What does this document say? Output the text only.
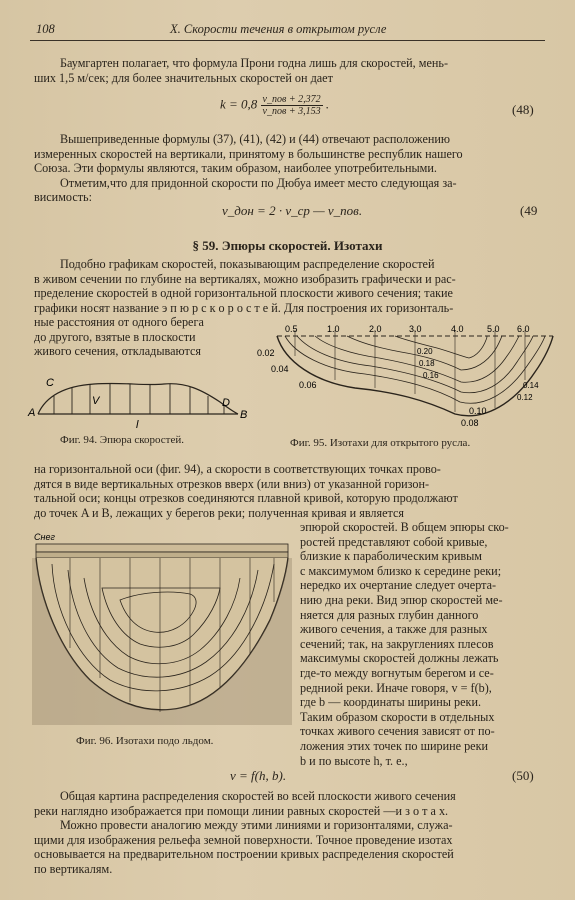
108	X. Скорости течения в открытом русле
Баумгартен полагает, что формула Прони годна лишь для скоростей, мень-
ших 1,5 м/сек; для более значительных скоростей он дает
$k = 0,8 \frac{\text{v\_пов + 2,372}}{\text{v\_пов + 3,153}}$ .	(48)
Вышеприведенные формулы (37), (41), (42) и (44) отвечают расположению
измеренных скоростей на вертикали, принятому в большинстве республик нашего
Союза. Эти формулы являются, таким образом, наиболее употребительными.
Отметим,что для придонной скорости по Дюбуа имеет место следующая за-
висимость:
v_дон = 2 · v_ср — v_пов.	(49
§ 59. Эпюры скоростей. Изотахи
Подобно графикам скоростей, показывающим распределение скоростей
в живом сечении по глубине на вертикалях, можно изобразить графически и рас-
пределение скоростей в одной горизонтальной плоскости живого сечения; такие
графики носят название э п ю р с к о р о с т е й. Для построения их горизонталь-
ные расстояния от одного берега
до другого, взятые в плоскости
живого сечения, откладываются
A	B
C
D
V
l
Фиг. 94. Эпюра скоростей.
0.5	1.0	2.0	3.0	4.0	5.0 6.0
0.02
0.04
0.06
0.10
0.08
0.20
0.18
0.16
0.14
0.12
Фиг. 95. Изотахи для открытого русла.
на горизонтальной оси (фиг. 94), а скорости в соответствующих точках прово-
дятся в виде вертикальных отрезков вверх (или вниз) от указанной горизон-
тальной оси; концы отрезков соединяются плавной кривой, которую продолжают
до точек A и B, лежащих у берегов реки; полученная кривая и является
Снег
Фиг. 96. Изотахи подо льдом.
эпюрой скоростей. В общем эпюры ско-
ростей представляют собой кривые,
близкие к параболическим кривым
с максимумом близко к середине реки;
нередко их очертание следует очерта-
нию дна реки. Вид эпюр скоростей ме-
няется для разных глубин данного
живого сечения, а также для разных
сечений; так, на закруглениях плесов
максимумы скоростей должны лежать
где-то между вогнутым берегом и се-
редниой реки. Иначе говоря, v = f(b),
где b — координаты ширины реки.
Таким образом скорости в отдельных
точках живого сечения зависят от по-
ложения этих точек по ширине реки
b и по высоте h, т. е.,
v = f(h, b).	(50)
Общая картина распределения скоростей во всей плоскости живого сечения
реки наглядно изображается при помощи линии равных скоростей —и з о т а х.
Можно провести аналогию между этими линиями и горизонталями, служа-
щими для изображения рельефа земной поверхности. Точное проведение изотах
основывается на предварительном построении кривых распределения скоростей
по вертикалям.
